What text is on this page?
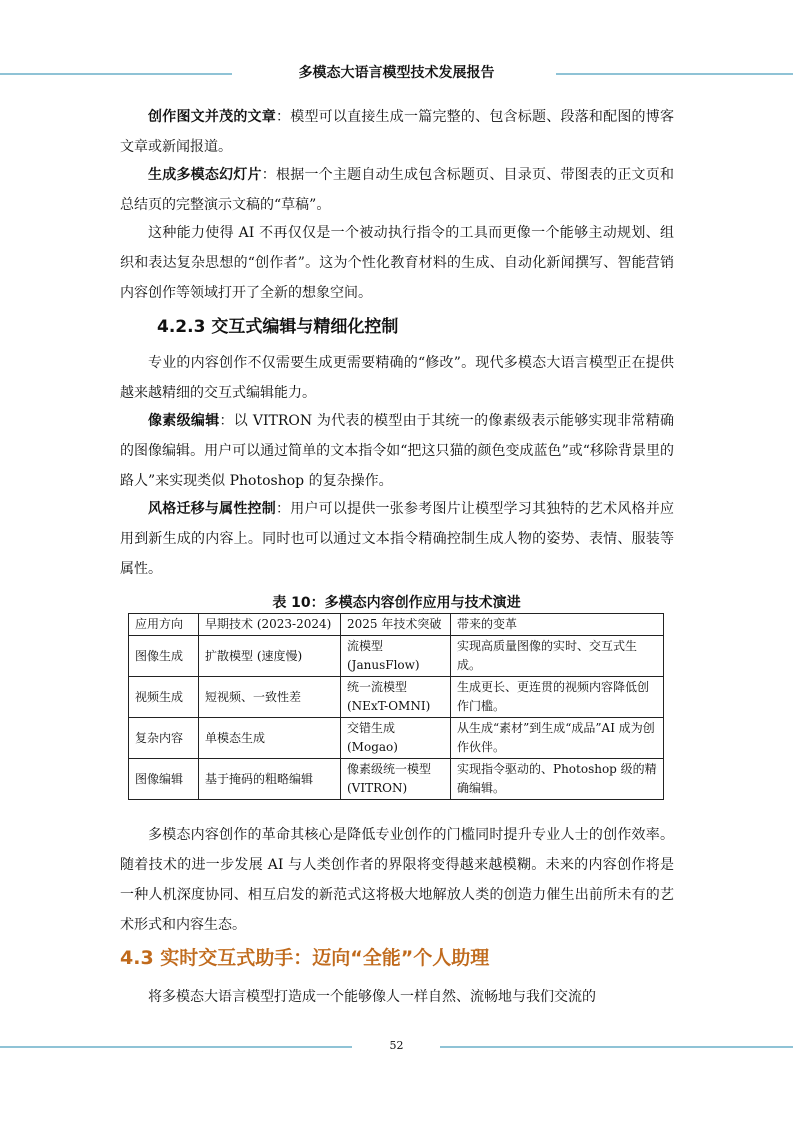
多模态大语言模型技术发展报告

创作图文并茂的文章：模型可以直接生成一篇完整的、包含标题、段落和配图的博客文章或新闻报道。

生成多模态幻灯片：根据一个主题自动生成包含标题页、目录页、带图表的正文页和总结页的完整演示文稿的“草稿”。

这种能力使得 AI 不再仅仅是一个被动执行指令的工具而更像一个能够主动规划、组织和表达复杂思想的“创作者”。这为个性化教育材料的生成、自动化新闻撰写、智能营销内容创作等领域打开了全新的想象空间。

4.2.3 交互式编辑与精细化控制

专业的内容创作不仅需要生成更需要精确的“修改”。现代多模态大语言模型正在提供越来越精细的交互式编辑能力。

像素级编辑：以 VITRON 为代表的模型由于其统一的像素级表示能够实现非常精确的图像编辑。用户可以通过简单的文本指令如“把这只猫的颜色变成蓝色”或“移除背景里的路人”来实现类似 Photoshop 的复杂操作。

风格迁移与属性控制：用户可以提供一张参考图片让模型学习其独特的艺术风格并应用到新生成的内容上。同时也可以通过文本指令精确控制生成人物的姿势、表情、服装等属性。

表 10：多模态内容创作应用与技术演进
应用方向	早期技术 (2023-2024)	2025 年技术突破	带来的变革
图像生成	扩散模型 (速度慢)	流模型 (JanusFlow)	实现高质量图像的实时、交互式生成。
视频生成	短视频、一致性差	统一流模型 (NExT-OMNI)	生成更长、更连贯的视频内容降低创作门槛。
复杂内容	单模态生成	交错生成 (Mogao)	从生成“素材”到生成“成品”AI 成为创作伙伴。
图像编辑	基于掩码的粗略编辑	像素级统一模型 (VITRON)	实现指令驱动的、Photoshop 级的精确编辑。

多模态内容创作的革命其核心是降低专业创作的门槛同时提升专业人士的创作效率。随着技术的进一步发展 AI 与人类创作者的界限将变得越来越模糊。未来的内容创作将是一种人机深度协同、相互启发的新范式这将极大地解放人类的创造力催生出前所未有的艺术形式和内容生态。

4.3 实时交互式助手：迈向“全能”个人助理

将多模态大语言模型打造成一个能够像人一样自然、流畅地与我们交流的

52
